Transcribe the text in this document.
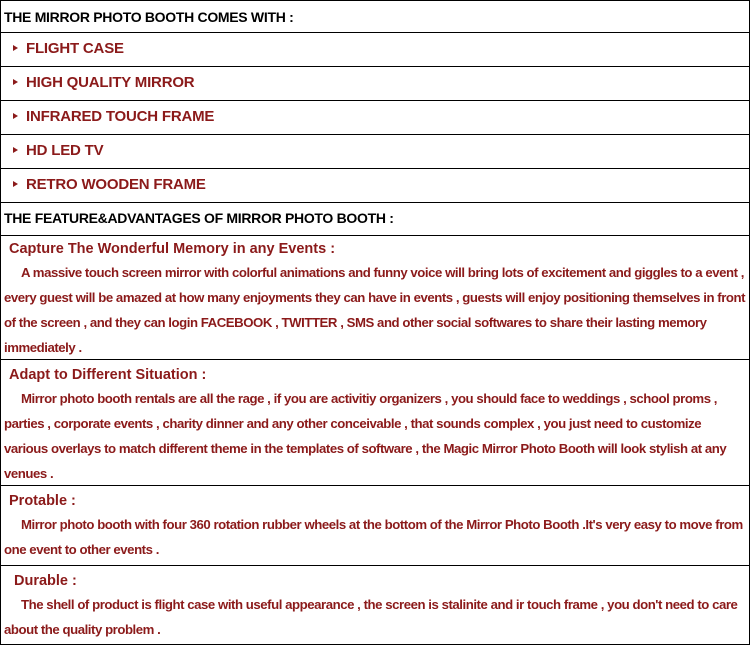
THE MIRROR PHOTO BOOTH COMES WITH :
FLIGHT CASE
HIGH QUALITY MIRROR
INFRARED TOUCH FRAME
HD LED TV
RETRO WOODEN FRAME
THE FEATURE&ADVANTAGES OF MIRROR PHOTO BOOTH :
Capture The Wonderful Memory in any Events :
A massive touch screen mirror with colorful animations and funny voice will bring lots of excitement and giggles to a event , every guest will be amazed at how many enjoyments they can have in events , guests will enjoy positioning themselves in front of the screen , and they can login FACEBOOK , TWITTER , SMS and other social softwares to share their lasting memory immediately .
Adapt to Different Situation :
Mirror photo booth rentals are all the rage , if you are activitiy organizers , you should face to weddings , school proms , parties , corporate events , charity dinner and any other conceivable , that sounds complex , you just need to customize various overlays to match different theme in the templates of software , the Magic Mirror Photo Booth will look stylish at any venues .
Protable :
Mirror photo booth with four 360 rotation rubber wheels at the bottom of the Mirror Photo Booth .It's very easy to move from one event to other events .
Durable :
The shell of product is flight case with useful appearance , the screen is stalinite and ir touch frame , you don't need to care about the quality problem .
